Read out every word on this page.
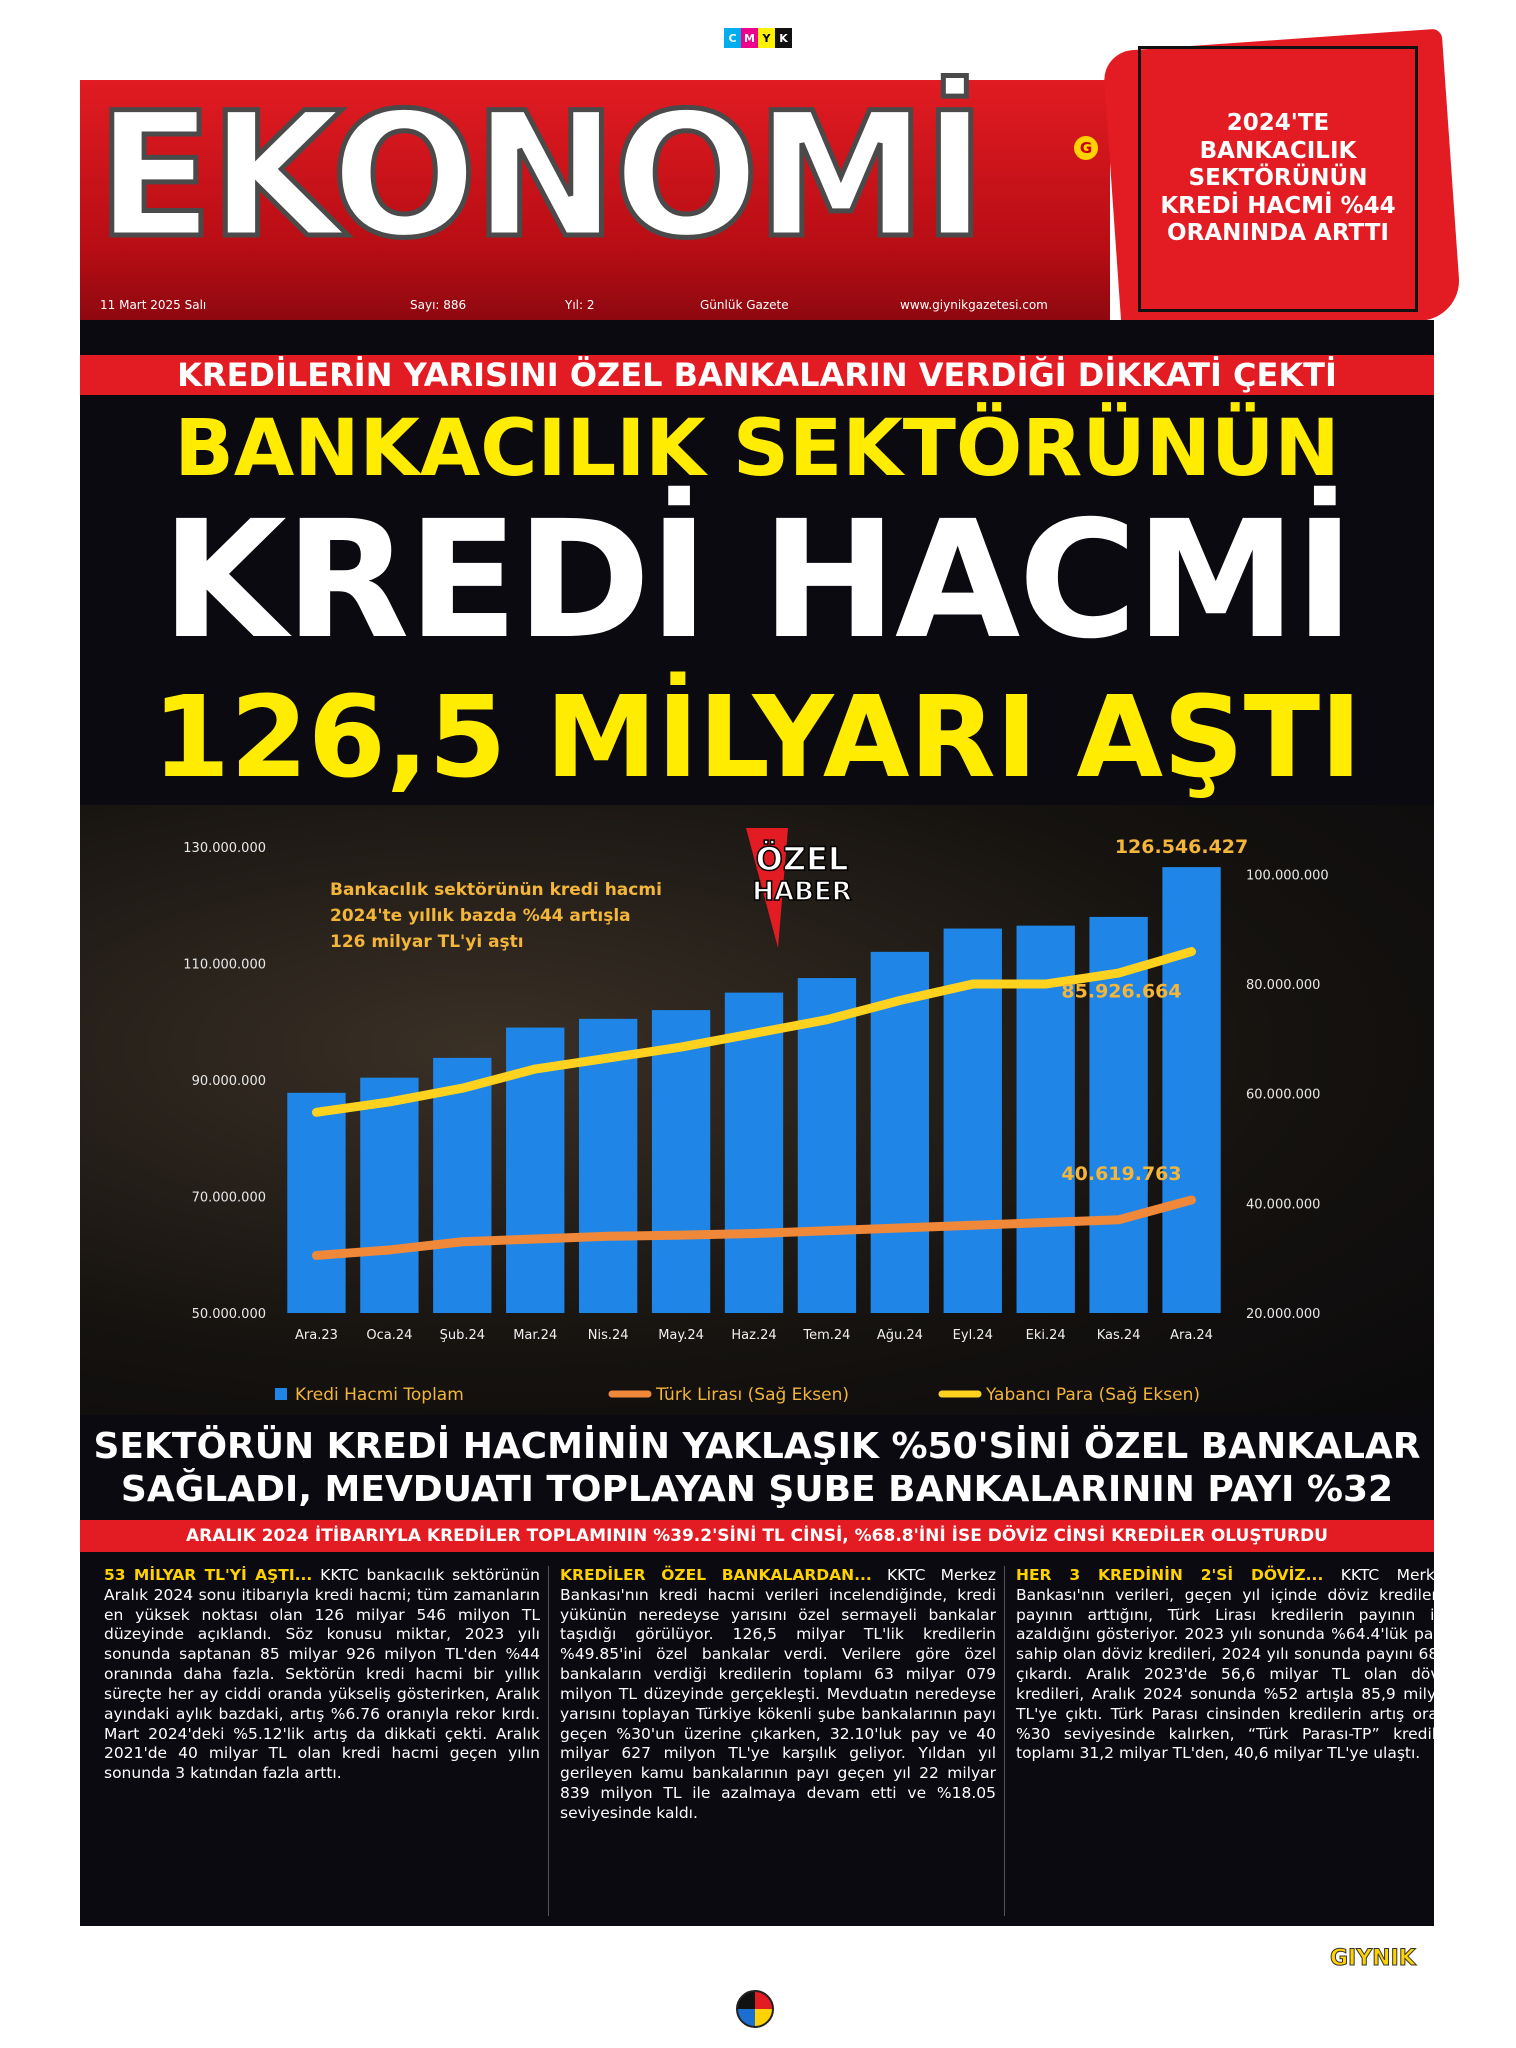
C M Y K
EKONOMİ	G
11 Mart 2025 Salı	Sayı: 886	Yıl: 2	Günlük Gazete	www.giynikgazetesi.com
2024'TE BANKACILIK SEKTÖRÜNÜN KREDİ HACMİ %44 ORANINDA ARTTI
KREDİLERİN YARISINI ÖZEL BANKALARIN VERDİĞİ DİKKATİ ÇEKTİ
BANKACILIK SEKTÖRÜNÜN
KREDİ HACMİ
126,5 MİLYARI AŞTI
130.000.000
110.000.000
90.000.000
70.000.000
50.000.000
100.000.000
80.000.000
60.000.000
40.000.000
20.000.000
Ara.23 Oca.24 Şub.24 Mar.24 Nis.24 May.24 Haz.24 Tem.24 Ağu.24 Eyl.24	Eki.24 Kas.24 Ara.24
126.546.427
85.926.664
40.619.763
Bankacılık sektörünün kredi hacmi
2024'te yıllık bazda %44 artışla
126 milyar TL'yi aştı
Kredi Hacmi Toplam	Türk Lirası (Sağ Eksen)	Yabancı Para (Sağ Eksen)
ÖZEL
HABER
SEKTÖRÜN KREDİ HACMİNİN YAKLAŞIK %50'SİNİ ÖZEL BANKALAR
SAĞLADI, MEVDUATI TOPLAYAN ŞUBE BANKALARININ PAYI %32
ARALIK 2024 İTİBARIYLA KREDİLER TOPLAMININ %39.2'SİNİ TL CİNSİ, %68.8'İNİ İSE DÖVİZ CİNSİ KREDİLER OLUŞTURDU
53 MİLYAR TL'Yİ AŞTI... KKTC bankacılık sektörünün Aralık 2024 sonu itibarıyla kredi hacmi; tüm zamanların en yüksek noktası olan 126 milyar 546 milyon TL düzeyinde açıklandı. Söz konusu miktar, 2023 yılı sonunda saptanan 85 milyar 926 milyon TL'den %44 oranında daha fazla. Sektörün kredi hacmi bir yıllık süreçte her ay ciddi oranda yükseliş gösterirken, Aralık ayındaki aylık bazdaki, artış %6.76 oranıyla rekor kırdı. Mart 2024'deki %5.12'lik artış da dikkati çekti. Aralık 2021'de 40 milyar TL olan kredi hacmi geçen yılın sonunda 3 katından fazla arttı.
KREDİLER ÖZEL BANKALARDAN... KKTC Merkez Bankası'nın kredi hacmi verileri incelendiğinde, kredi yükünün neredeyse yarısını özel sermayeli bankalar taşıdığı görülüyor. 126,5 milyar TL'lik kredilerin %49.85'ini özel bankalar verdi. Verilere göre özel bankaların verdiği kredilerin toplamı 63 milyar 079 milyon TL düzeyinde gerçekleşti. Mevduatın neredeyse yarısını toplayan Türkiye kökenli şube bankalarının payı geçen %30'un üzerine çıkarken, 32.10'luk pay ve 40 milyar 627 milyon TL'ye karşılık geliyor. Yıldan yıl gerileyen kamu bankalarının payı geçen yıl 22 milyar 839 milyon TL ile azalmaya devam etti ve %18.05 seviyesinde kaldı.
HER 3 KREDİNİN 2'Sİ DÖVİZ... KKTC Merkez Bankası'nın verileri, geçen yıl içinde döviz kredilerin payının arttığını, Türk Lirası kredilerin payının ise azaldığını gösteriyor. 2023 yılı sonunda %64.4'lük paya sahip olan döviz kredileri, 2024 yılı sonunda payını 68'e çıkardı. Aralık 2023'de 56,6 milyar TL olan döviz kredileri, Aralık 2024 sonunda %52 artışla 85,9 milyar TL'ye çıktı. Türk Parası cinsinden kredilerin artış oranı %30 seviyesinde kalırken, “Türk Parası-TP” krediler toplamı 31,2 milyar TL'den, 40,6 milyar TL'ye ulaştı.
GIYNIK
